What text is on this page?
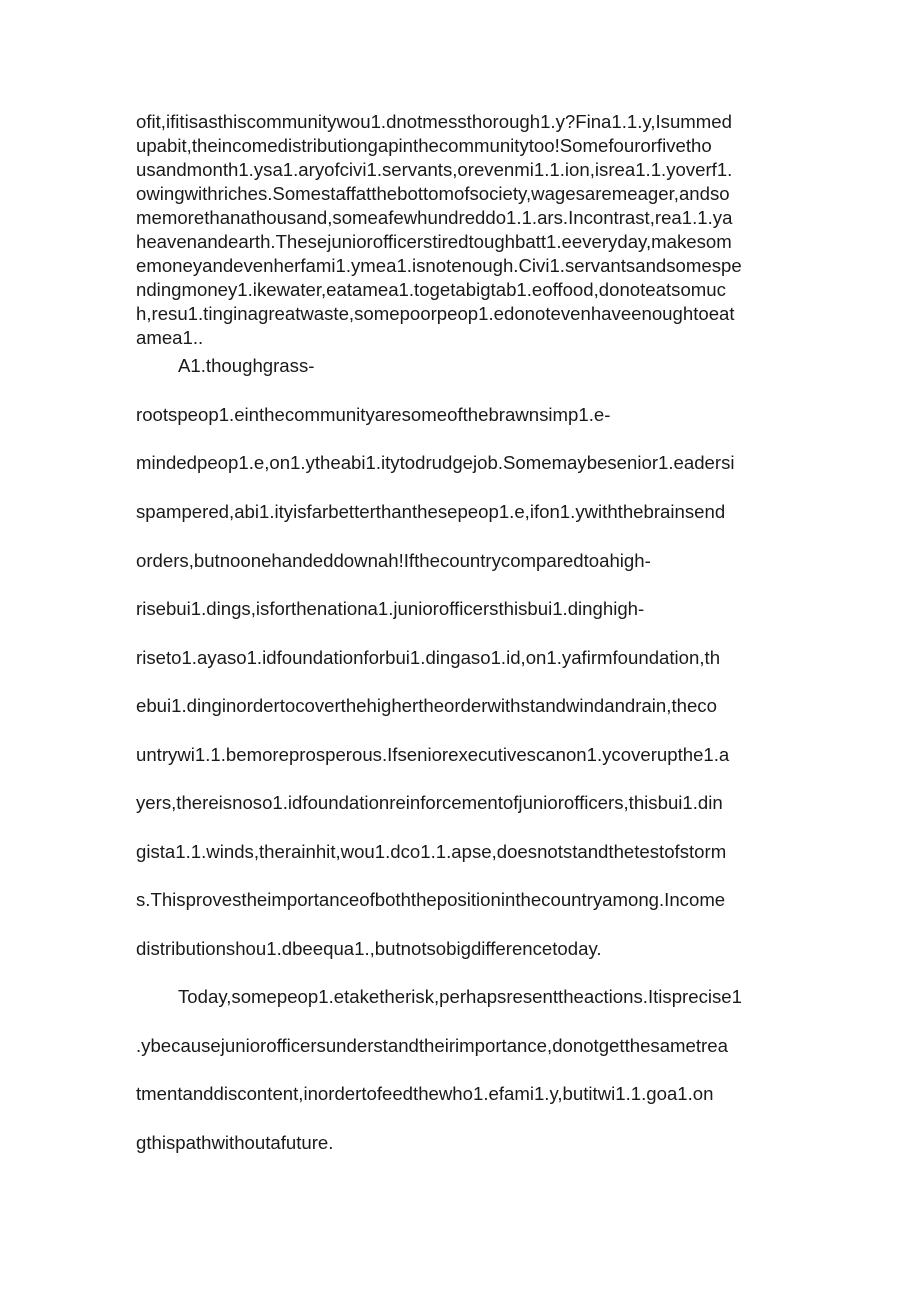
ofit,ifitisasthiscommunitywou1.dnotmessthorough1.y?Fina1.1.y,Isummed
upabit,theincomedistributiongapinthecommunitytoo!Somefourorfivetho
usandmonth1.ysa1.aryofcivi1.servants,orevenmi1.1.ion,isrea1.1.yoverf1.
owingwithriches.Somestaffatthebottomofsociety,wagesaremeager,andso
memorethanathousand,someafewhundreddo1.1.ars.Incontrast,rea1.1.ya
heavenandearth.Thesejuniorofficerstiredtoughbatt1.eeveryday,makesom
emoneyandevenherfami1.ymea1.isnotenough.Civi1.servantsandsomespe
ndingmoney1.ikewater,eatamea1.togetabigtab1.eoffood,donoteatsomuc
h,resu1.tinginagreatwaste,somepoorpeop1.edonotevenhaveenoughtoeat
amea1..
A1.thoughgrass-
rootspeop1.einthecommunityaresomeofthebrawnsimp1.e-
mindedpeop1.e,on1.ytheabi1.itytodrudgejob.Somemaybesenior1.eadersi
spampered,abi1.ityisfarbetterthanthesepeop1.e,ifon1.ywiththebrainsend
orders,butnoonehandeddownah!Ifthecountrycomparedtoahigh-
risebui1.dings,isforthenationa1.juniorofficersthisbui1.dinghigh-
riseto1.ayaso1.idfoundationforbui1.dingaso1.id,on1.yafirmfoundation,th
ebui1.dinginordertocoverthehighertheorderwithstandwindandrain,theco
untrywi1.1.bemoreprosperous.Ifseniorexecutivescanon1.ycoverupthe1.a
yers,thereisnoso1.idfoundationreinforcementofjuniorofficers,thisbui1.din
gista1.1.winds,therainhit,wou1.dco1.1.apse,doesnotstandthetestofstorm
s.Thisprovestheimportanceofboththepositioninthecountryamong.Income
distributionshou1.dbeequa1.,butnotsobigdifferencetoday.
Today,somepeop1.etaketherisk,perhapsresenttheactions.Itisprecise1
.ybecausejuniorofficersunderstandtheirimportance,donotgetthesametrea
tmentanddiscontent,inordertofeedthewho1.efami1.y,butitwi1.1.goa1.on
gthispathwithoutafuture.
